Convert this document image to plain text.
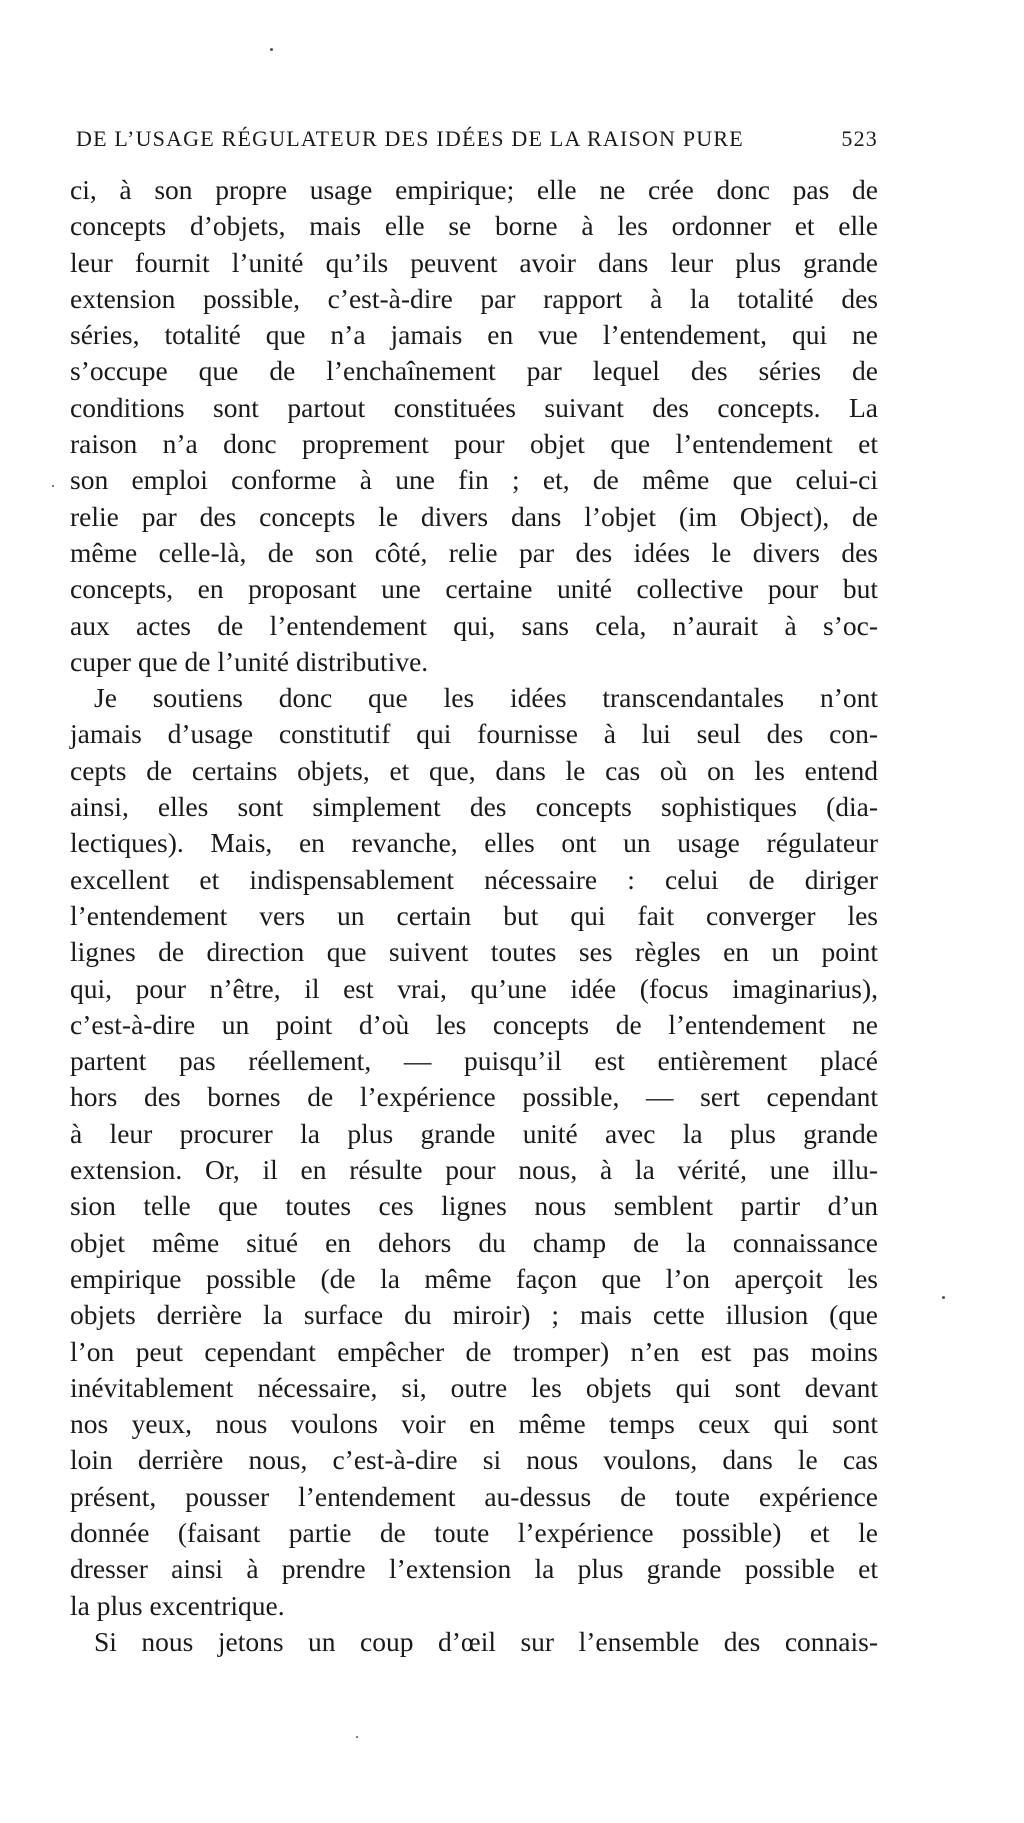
DE L’USAGE RÉGULATEUR DES IDÉES DE LA RAISON PURE	523
ci, à son propre usage empirique; elle ne crée donc pas de
concepts d’objets, mais elle se borne à les ordonner et elle
leur fournit l’unité qu’ils peuvent avoir dans leur plus grande
extension possible, c’est-à-dire par rapport à la totalité des
séries, totalité que n’a jamais en vue l’entendement, qui ne
s’occupe que de l’enchaînement par lequel des séries de
conditions sont partout constituées suivant des concepts. La
raison n’a donc proprement pour objet que l’entendement et
son emploi conforme à une fin ; et, de même que celui-ci
relie par des concepts le divers dans l’objet (im Object), de
même celle-là, de son côté, relie par des idées le divers des
concepts, en proposant une certaine unité collective pour but
aux actes de l’entendement qui, sans cela, n’aurait à s’oc-
cuper que de l’unité distributive.
Je soutiens donc que les idées transcendantales n’ont
jamais d’usage constitutif qui fournisse à lui seul des con-
cepts de certains objets, et que, dans le cas où on les entend
ainsi, elles sont simplement des concepts sophistiques (dia-
lectiques). Mais, en revanche, elles ont un usage régulateur
excellent et indispensablement nécessaire : celui de diriger
l’entendement vers un certain but qui fait converger les
lignes de direction que suivent toutes ses règles en un point
qui, pour n’être, il est vrai, qu’une idée (focus imaginarius),
c’est-à-dire un point d’où les concepts de l’entendement ne
partent pas réellement, — puisqu’il est entièrement placé
hors des bornes de l’expérience possible, — sert cependant
à leur procurer la plus grande unité avec la plus grande
extension. Or, il en résulte pour nous, à la vérité, une illu-
sion telle que toutes ces lignes nous semblent partir d’un
objet même situé en dehors du champ de la connaissance
empirique possible (de la même façon que l’on aperçoit les
objets derrière la surface du miroir) ; mais cette illusion (que
l’on peut cependant empêcher de tromper) n’en est pas moins
inévitablement nécessaire, si, outre les objets qui sont devant
nos yeux, nous voulons voir en même temps ceux qui sont
loin derrière nous, c’est-à-dire si nous voulons, dans le cas
présent, pousser l’entendement au-dessus de toute expérience
donnée (faisant partie de toute l’expérience possible) et le
dresser ainsi à prendre l’extension la plus grande possible et
la plus excentrique.
Si nous jetons un coup d’œil sur l’ensemble des connais-
